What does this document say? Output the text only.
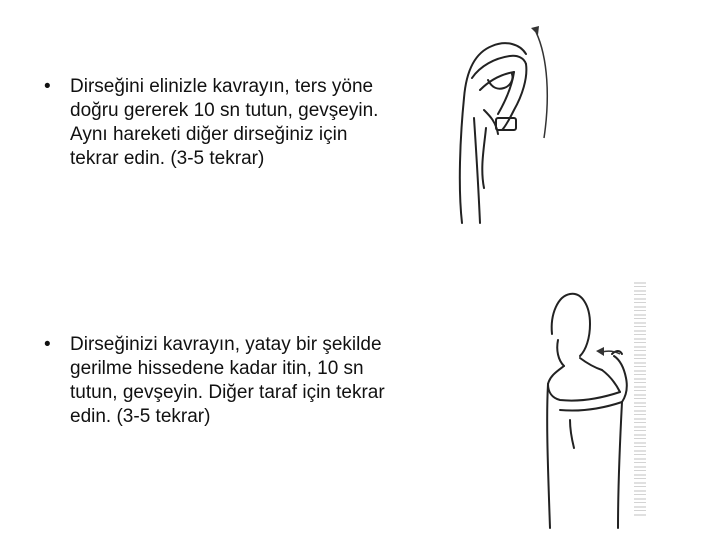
•	Dirseğini elinizle kavrayın, ters yöne
doğru gererek 10 sn tutun, gevşeyin.
Aynı hareketi diğer dirseğiniz için
tekrar edin. (3-5 tekrar)
•	Dirseğinizi kavrayın, yatay bir şekilde
gerilme hissedene kadar itin, 10 sn
tutun, gevşeyin. Diğer taraf için tekrar
edin. (3-5 tekrar)
